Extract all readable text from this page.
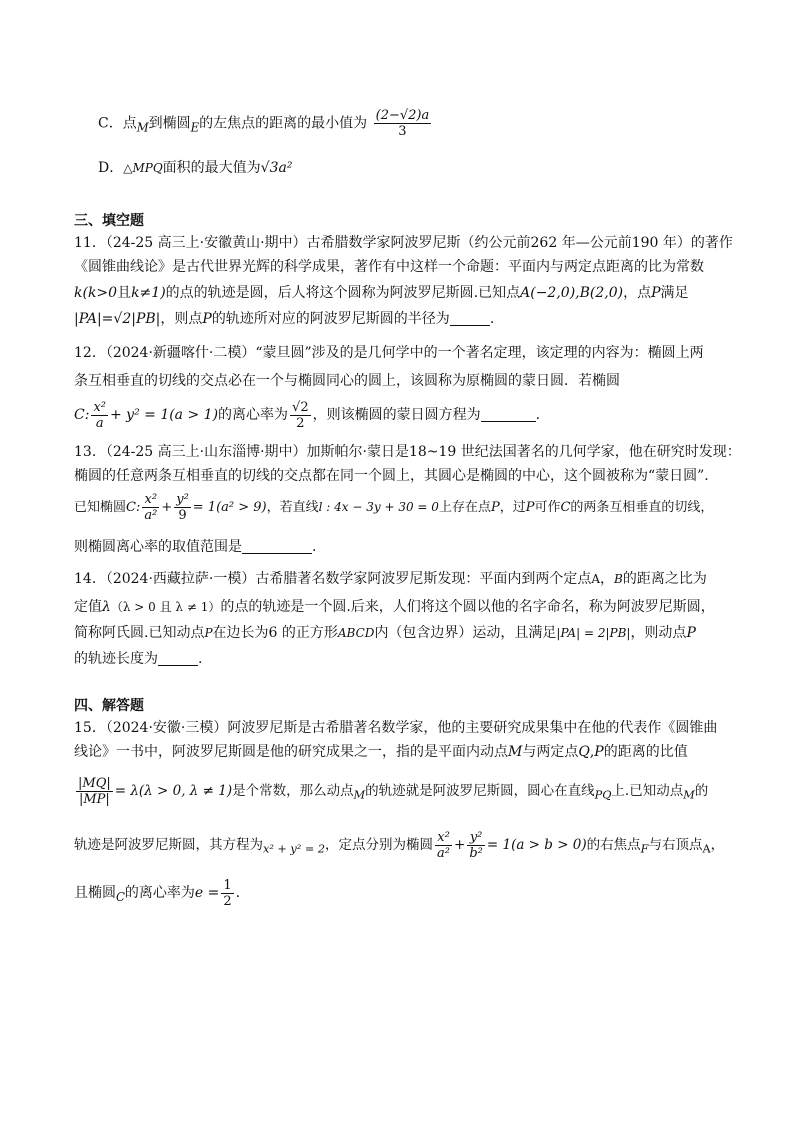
C．点$_M$到椭圆$_E$的左焦点的距离的最小值为 $\frac{(2-√2)a}{3}$
D．△MPQ面积的最大值为√3a²
三、填空题
11．（24-25 高三上·安徽黄山·期中）古希腊数学家阿波罗尼斯（约公元前262 年—公元前190 年）的著作
《圆锥曲线论》是古代世界光辉的科学成果，著作有中这样一个命题：平面内与两定点距离的比为常数
k(k>0且k≠1)的点的轨迹是圆，后人将这个圆称为阿波罗尼斯圆.已知点A(−2,0),B(2,0)，点P满足
|PA|=√2|PB|，则点P的轨迹所对应的阿波罗尼斯圆的半径为	.
12．（2024·新疆喀什·二模）“蒙旦圆”涉及的是几何学中的一个著名定理，该定理的内容为：椭圆上两
条互相垂直的切线的交点必在一个与椭圆同心的圆上，该圆称为原椭圆的蒙日圆．若椭圆
C: $\frac{\text{x²}}{a} + y^2 = 1(a > 1)$的离心率为 $\frac{√2}{2}$ ，则该椭圆的蒙日圆方程为	.
13．（24-25 高三上·山东淄博·期中）加斯帕尔·蒙日是18~19 世纪法国著名的几何学家，他在研究时发现：
椭圆的任意两条互相垂直的切线的交点都在同一个圆上，其圆心是椭圆的中心，这个圆被称为“蒙日圆”.
已知椭圆C: $\frac{\text{x²}}{\text{a²}} + \frac{\text{y²}}{9} = 1(a^2 > 9)$，若直线l : 4x − 3y + 30 = 0上存在点P，过P可作C的两条互相垂直的切线，
则椭圆离心率的取值范围是	.
14．（2024·西藏拉萨·一模）古希腊著名数学家阿波罗尼斯发现：平面内到两个定点A，B的距离之比为
定值λ（λ > 0 且 λ ≠ 1）的点的轨迹是一个圆.后来，人们将这个圆以他的名字命名，称为阿波罗尼斯圆，
简称阿氏圆.已知动点P在边长为6 的正方形ABCD内（包含边界）运动，且满足|PA| = 2|PB|，则动点P
的轨迹长度为	.
四、解答题
15．（2024·安徽·三模）阿波罗尼斯是古希腊著名数学家，他的主要研究成果集中在他的代表作《圆锥曲
线论》一书中，阿波罗尼斯圆是他的研究成果之一，指的是平面内动点M与两定点Q,P的距离的比值
$\frac{|MQ|}{|MP|} = \lambda(\lambda > 0$, λ ≠ 1)是个常数，那么动点$_M$的轨迹就是阿波罗尼斯圆，圆心在直线$_{PQ}$上.已知动点$_M$的
轨迹是阿波罗尼斯圆，其方程为$_{x^2 + y^2 = 2}$，定点分别为椭圆 $\frac{\text{x²}}{\text{a²}} + \frac{\text{y²}}{\text{b²}} = 1(a > b > 0)$的右焦点$_F$与右顶点$_A$，
且椭圆$_C$的离心率为$e = \frac{1}{2}$ .
